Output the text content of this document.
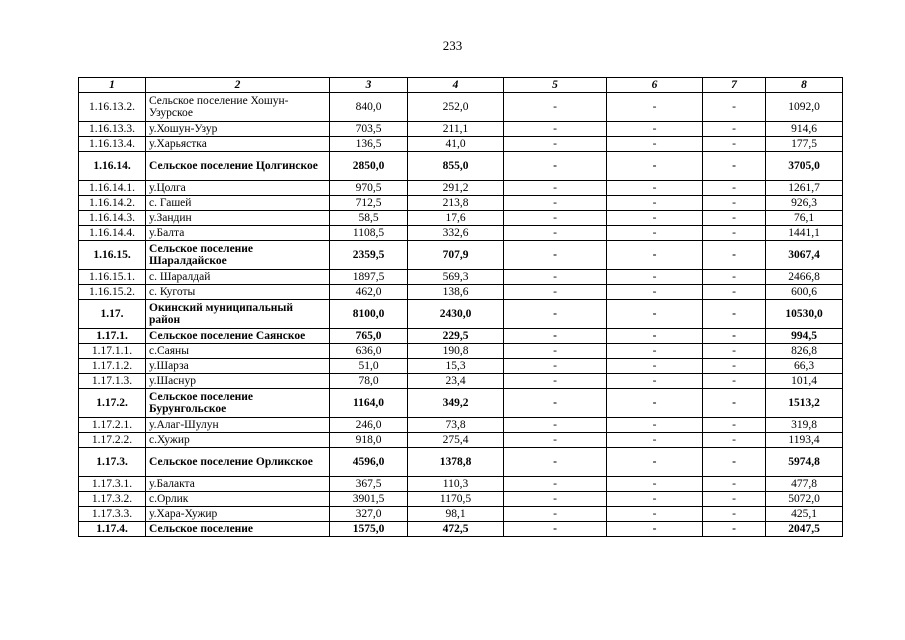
233
1	2	3	4	5	6	7	8
1.16.13.2.	Сельское поселение Хошун-Узурское	840,0	252,0	-	-	-	1092,0
1.16.13.3.	у.Хошун-Узур	703,5	211,1	-	-	-	914,6
1.16.13.4.	у.Харьястка	136,5	41,0	-	-	-	177,5
1.16.14.	Сельское поселение Цолгинское	2850,0	855,0	-	-	-	3705,0
1.16.14.1.	у.Цолга	970,5	291,2	-	-	-	1261,7
1.16.14.2.	с. Гашей	712,5	213,8	-	-	-	926,3
1.16.14.3.	у.Зандин	58,5	17,6	-	-	-	76,1
1.16.14.4.	у.Балта	1108,5	332,6	-	-	-	1441,1
1.16.15.	Сельское поселение Шаралдайское	2359,5	707,9	-	-	-	3067,4
1.16.15.1.	с. Шаралдай	1897,5	569,3	-	-	-	2466,8
1.16.15.2.	с. Куготы	462,0	138,6	-	-	-	600,6
1.17.	Окинский муниципальный район	8100,0	2430,0	-	-	-	10530,0
1.17.1.	Сельское поселение Саянское	765,0	229,5	-	-	-	994,5
1.17.1.1.	с.Саяны	636,0	190,8	-	-	-	826,8
1.17.1.2.	у.Шарза	51,0	15,3	-	-	-	66,3
1.17.1.3.	у.Шаснур	78,0	23,4	-	-	-	101,4
1.17.2.	Сельское поселение Бурунгольское	1164,0	349,2	-	-	-	1513,2
1.17.2.1.	у.Алаг-Шулун	246,0	73,8	-	-	-	319,8
1.17.2.2.	с.Хужир	918,0	275,4	-	-	-	1193,4
1.17.3.	Сельское поселение Орликское	4596,0	1378,8	-	-	-	5974,8
1.17.3.1.	у.Балакта	367,5	110,3	-	-	-	477,8
1.17.3.2.	с.Орлик	3901,5	1170,5	-	-	-	5072,0
1.17.3.3.	у.Хара-Хужир	327,0	98,1	-	-	-	425,1
1.17.4.	Сельское поселение	1575,0	472,5	-	-	-	2047,5
